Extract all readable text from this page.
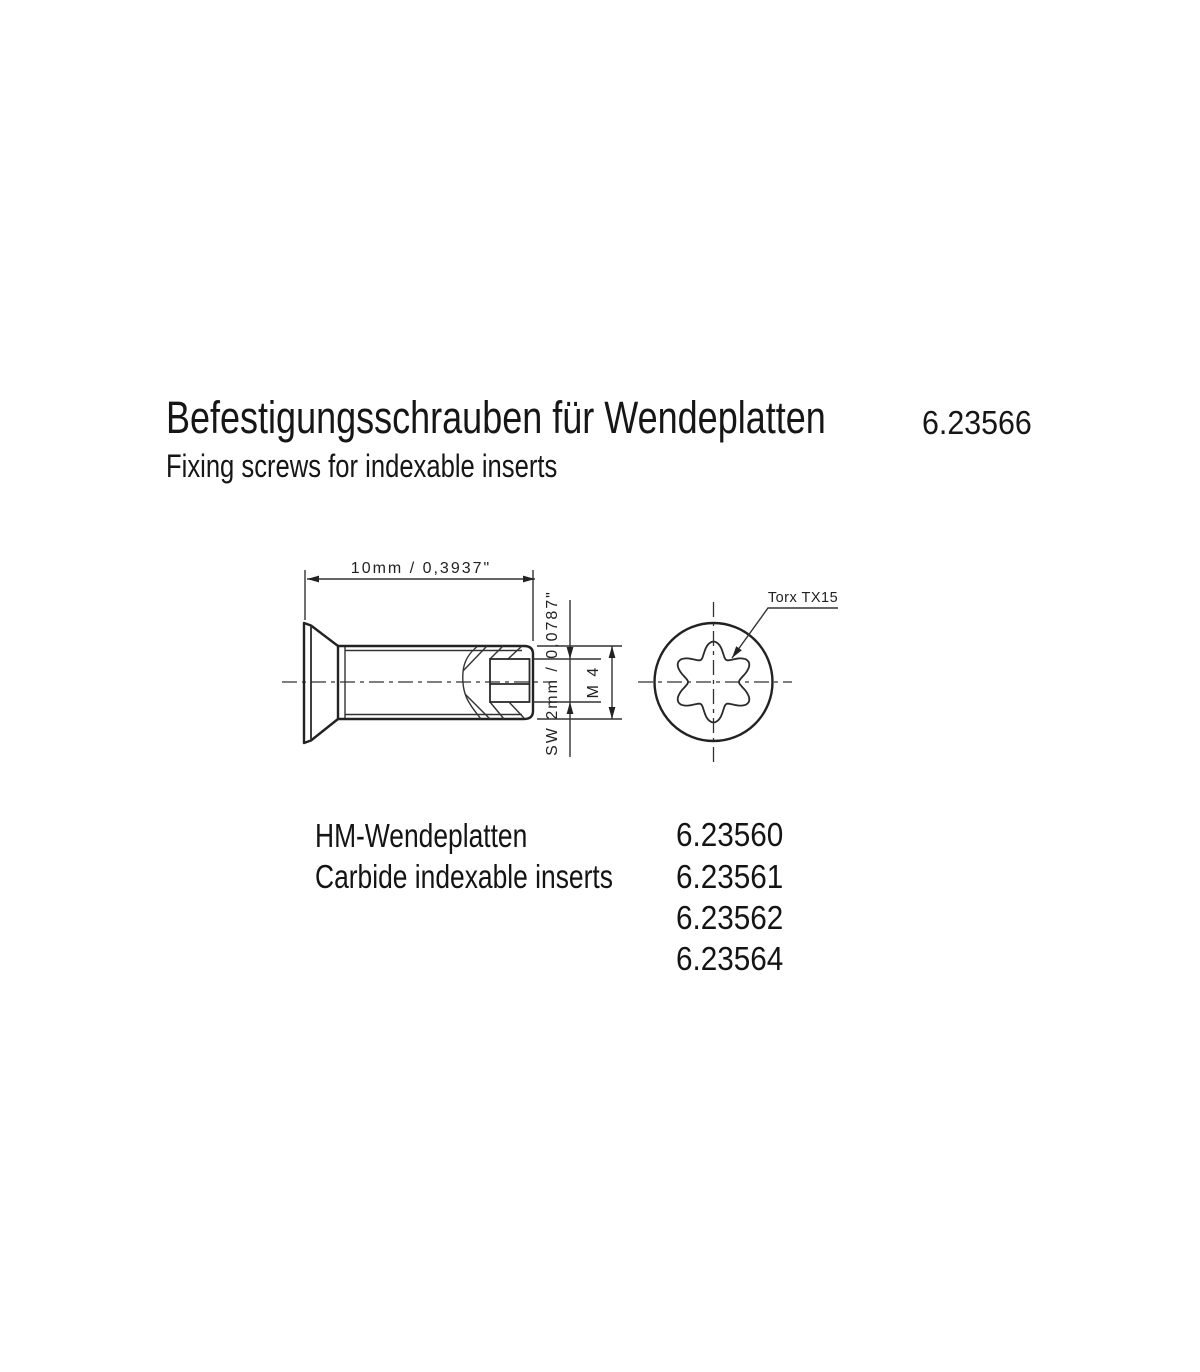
Befestigungsschrauben für Wendeplatten	6.23566
Fixing screws for indexable inserts
10mm / 0,3937"
SW 2mm / 0,0787" M 4
Torx TX15
HM-Wendeplatten	6.23560
Carbide indexable inserts	6.23561
6.23562
6.23564
